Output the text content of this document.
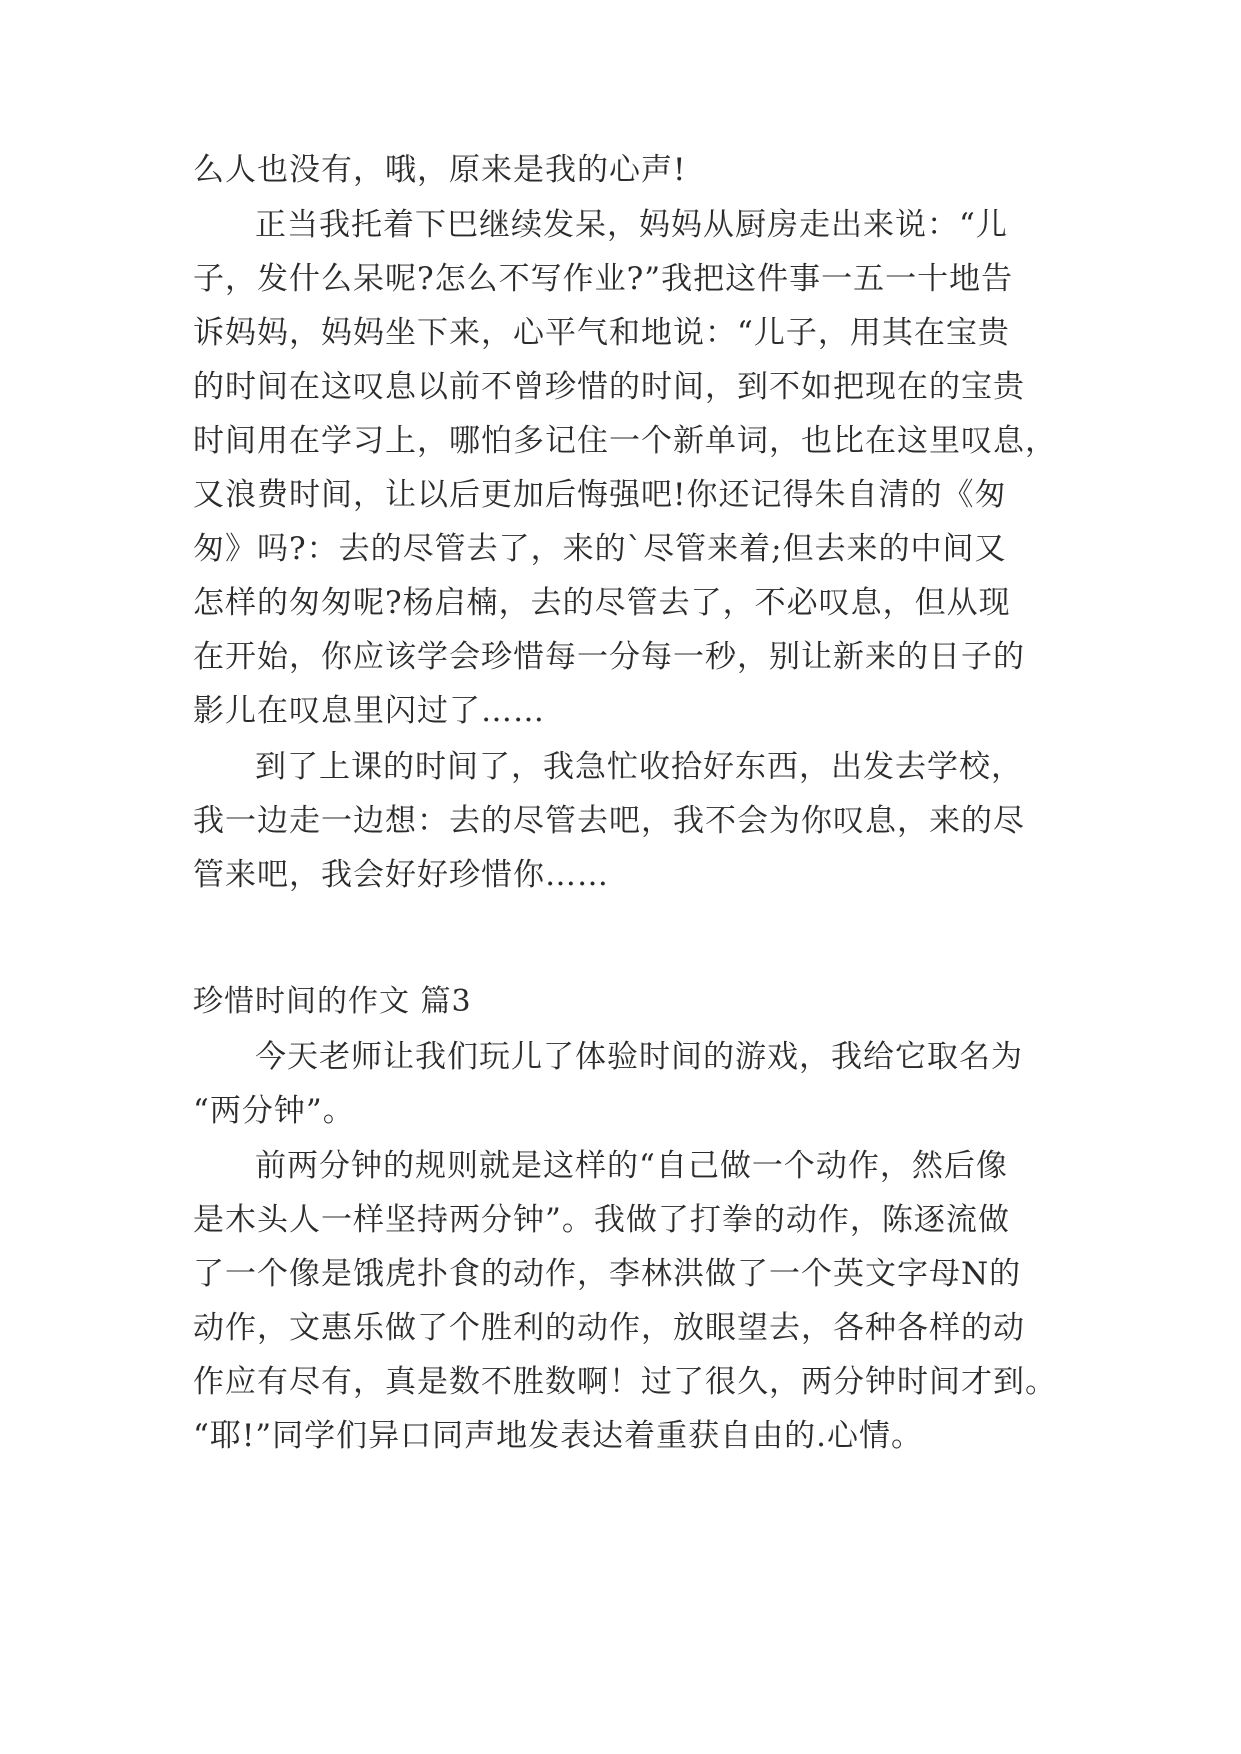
么人也没有，哦，原来是我的心声!
正当我托着下巴继续发呆，妈妈从厨房走出来说：“儿
子，发什么呆呢?怎么不写作业?”我把这件事一五一十地告
诉妈妈，妈妈坐下来，心平气和地说：“儿子，用其在宝贵
的时间在这叹息以前不曾珍惜的时间，到不如把现在的宝贵
时间用在学习上，哪怕多记住一个新单词，也比在这里叹息，
又浪费时间，让以后更加后悔强吧!你还记得朱自清的《匆
匆》吗?：去的尽管去了，来的`尽管来着;但去来的中间又
怎样的匆匆呢?杨启楠，去的尽管去了，不必叹息，但从现
在开始，你应该学会珍惜每一分每一秒，别让新来的日子的
影儿在叹息里闪过了……
到了上课的时间了，我急忙收拾好东西，出发去学校，
我一边走一边想：去的尽管去吧，我不会为你叹息，来的尽
管来吧，我会好好珍惜你……
珍惜时间的作文 篇3
今天老师让我们玩儿了体验时间的游戏，我给它取名为
“两分钟”。
前两分钟的规则就是这样的“自己做一个动作，然后像
是木头人一样坚持两分钟”。我做了打拳的动作，陈逐流做
了一个像是饿虎扑食的动作，李林洪做了一个英文字母N的
动作，文惠乐做了个胜利的动作，放眼望去，各种各样的动
作应有尽有，真是数不胜数啊！过了很久，两分钟时间才到。
“耶!”同学们异口同声地发表达着重获自由的.心情。
